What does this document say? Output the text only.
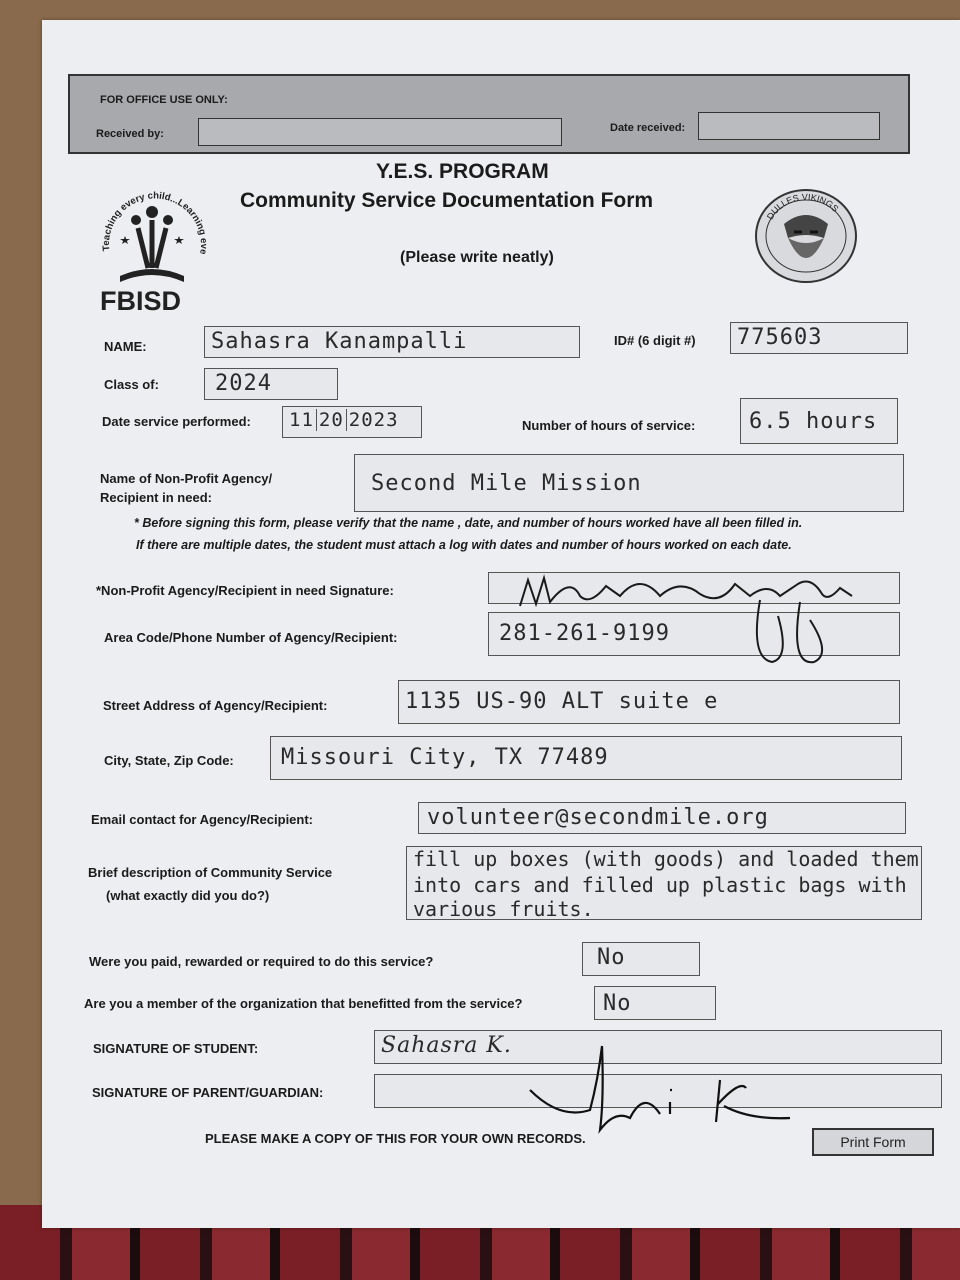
FOR OFFICE USE ONLY:
Received by:	Date received:
Teaching every child...Learning eve
FBISD
DULLES VIKINGS
Y.E.S. PROGRAM
Community Service Documentation Form
(Please write neatly)
NAME:	Sahasra Kanampalli	ID# (6 digit #) 775603
Class of:	2024
Date service performed: 11 20 2023	Number of hours of service: 6.5 hours
Name of Non-Profit Agency/
Recipient in need:
Second Mile Mission
* Before signing this form, please verify that the name , date, and number of hours worked have all been filled in.
If there are multiple dates, the student must attach a log with dates and number of hours worked on each date.
*Non-Profit Agency/Recipient in need Signature:
Area Code/Phone Number of Agency/Recipient:	281-261-9199
Street Address of Agency/Recipient:	1135 US-90 ALT suite e
City, State, Zip Code: Missouri City, TX 77489
Email contact for Agency/Recipient:	volunteer@secondmile.org
Brief description of Community Service
(what exactly did you do?)
fill up boxes (with goods) and loaded them
into cars and filled up plastic bags with
various fruits.
Were you paid, rewarded or required to do this service?	No
Are you a member of the organization that benefitted from the service?	No
SIGNATURE OF STUDENT:	Sahasra K.
SIGNATURE OF PARENT/GUARDIAN:
PLEASE MAKE A COPY OF THIS FOR YOUR OWN RECORDS.	Print Form
